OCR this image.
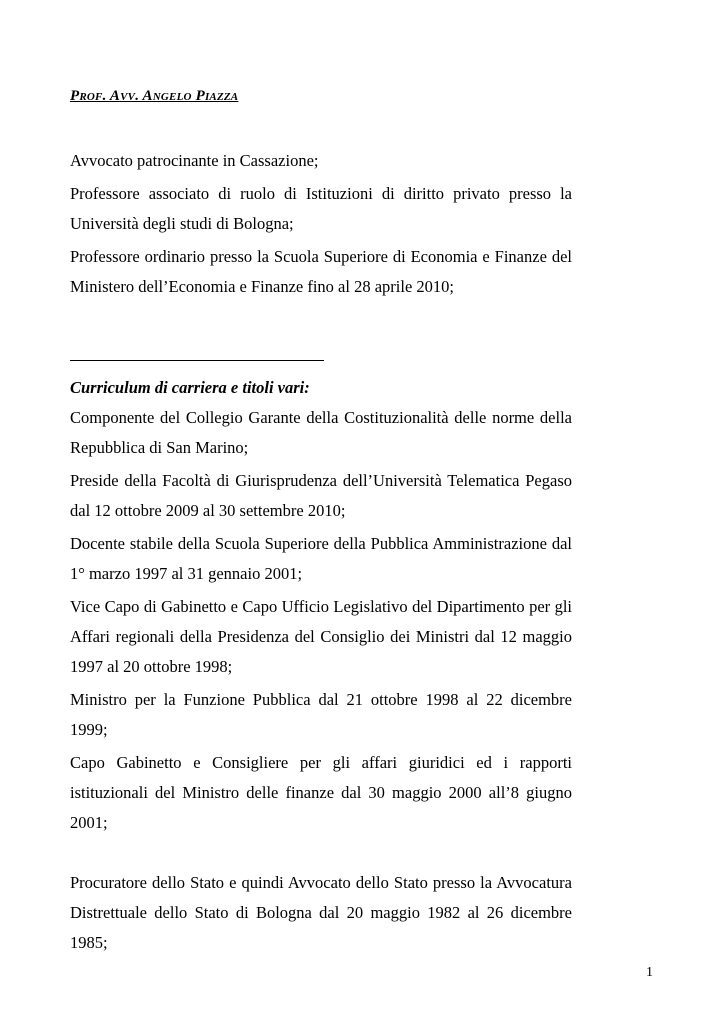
Prof. Avv. Angelo Piazza

Avvocato patrocinante in Cassazione;

Professore associato di ruolo di Istituzioni di diritto privato presso la Università degli studi di Bologna;

Professore ordinario presso la Scuola Superiore di Economia e Finanze del Ministero dell’Economia e Finanze fino al 28 aprile 2010;

Curriculum di carriera e titoli vari:

Componente del Collegio Garante della Costituzionalità delle norme della Repubblica di San Marino;

Preside della Facoltà di Giurisprudenza dell’Università Telematica Pegaso dal 12 ottobre 2009 al 30 settembre 2010;

Docente stabile della Scuola Superiore della Pubblica Amministrazione dal 1° marzo 1997 al 31 gennaio 2001;

Vice Capo di Gabinetto e Capo Ufficio Legislativo del Dipartimento per gli Affari regionali della Presidenza del Consiglio dei Ministri dal 12 maggio 1997 al 20 ottobre 1998;

Ministro per la Funzione Pubblica dal 21 ottobre 1998 al 22 dicembre 1999;

Capo Gabinetto e Consigliere per gli affari giuridici ed i rapporti istituzionali del Ministro delle finanze dal 30 maggio 2000 all’8 giugno 2001;

Procuratore dello Stato e quindi Avvocato dello Stato presso la Avvocatura Distrettuale dello Stato di Bologna dal 20 maggio 1982 al 26 dicembre 1985;

1
